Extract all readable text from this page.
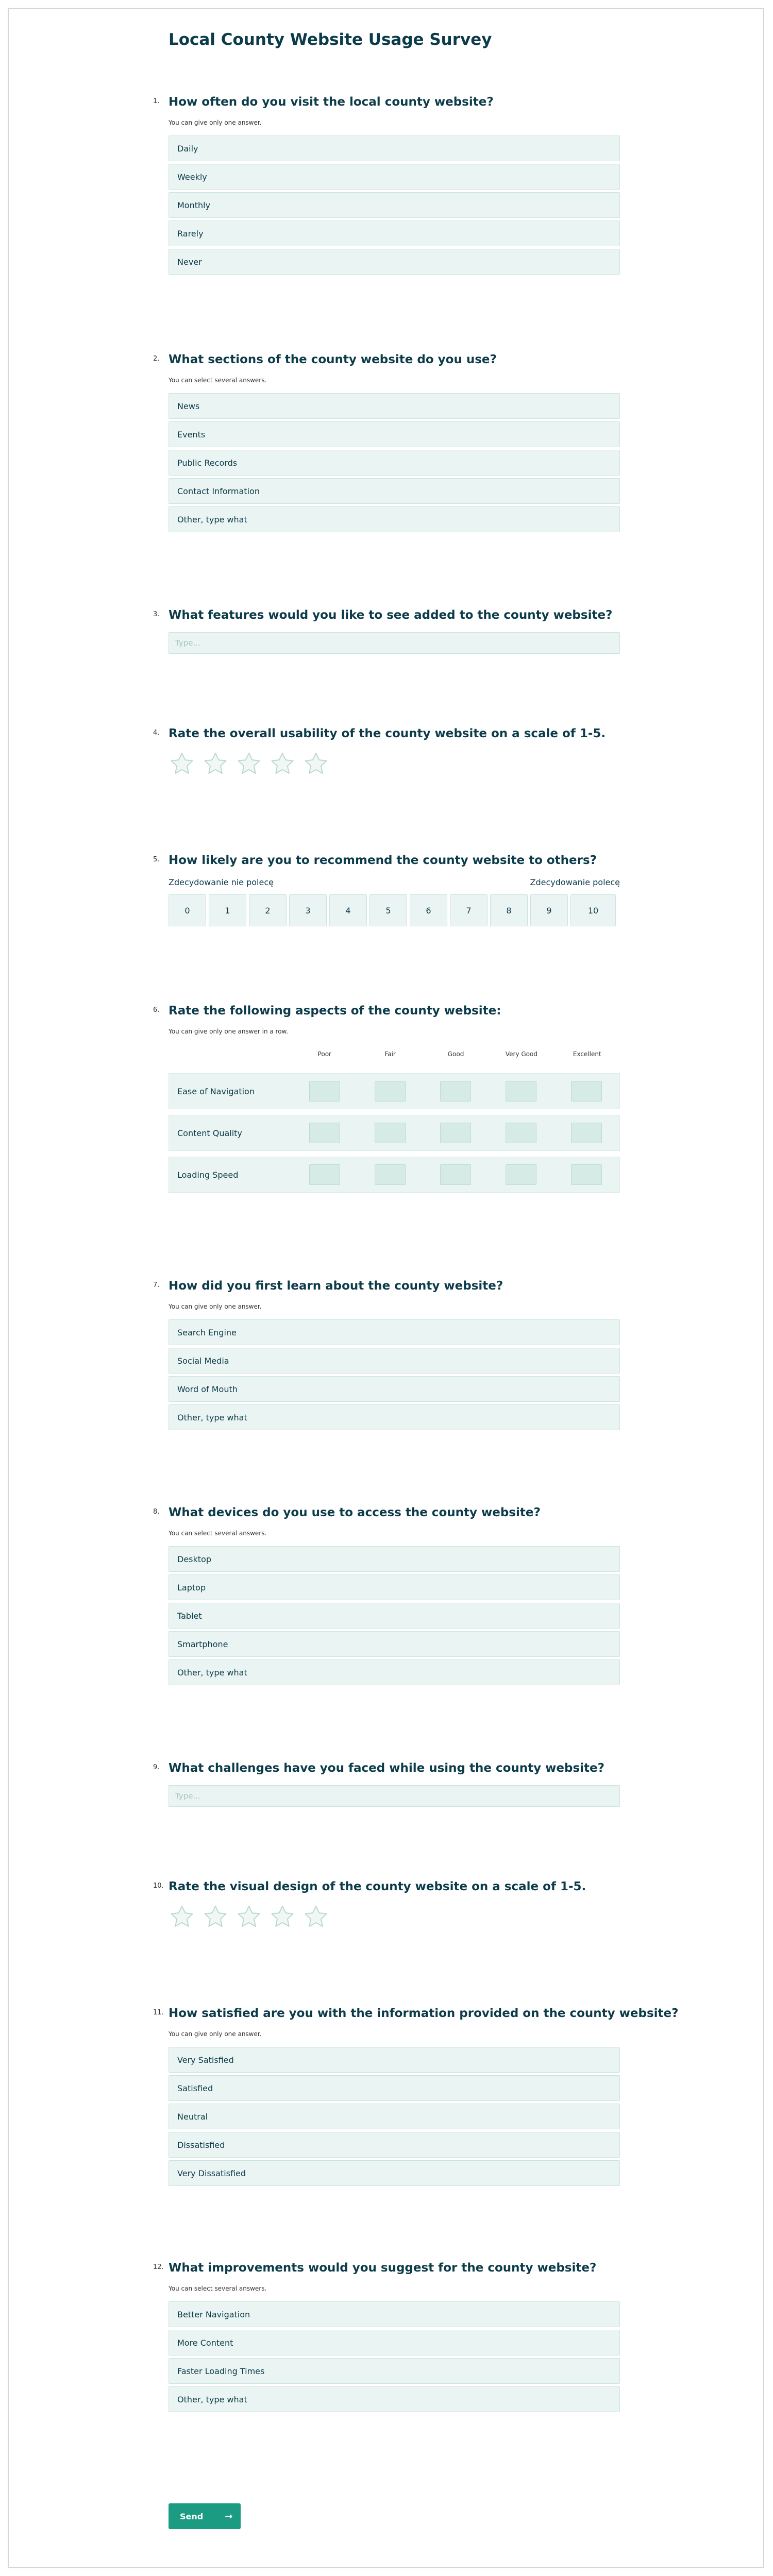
Local County Website Usage Survey
1. How often do you visit the local county website?
You can give only one answer.
Daily
Weekly
Monthly
Rarely
Never
2. What sections of the county website do you use?
You can select several answers.
News
Events
Public Records
Contact Information
Other, type what
3. What features would you like to see added to the county website?
Type...
4. Rate the overall usability of the county website on a scale of 1-5.
5. How likely are you to recommend the county website to others?
Zdecydowanie nie polecę	Zdecydowanie polecę
0	1	2	3	4	5	6	7	8	9	10
6. Rate the following aspects of the county website:
You can give only one answer in a row.
Poor	Fair	Good	Very Good	Excellent
Ease of Navigation
Content Quality
Loading Speed
7. How did you first learn about the county website?
You can give only one answer.
Search Engine
Social Media
Word of Mouth
Other, type what
8. What devices do you use to access the county website?
You can select several answers.
Desktop
Laptop
Tablet
Smartphone
Other, type what
9. What challenges have you faced while using the county website?
Type...
10. Rate the visual design of the county website on a scale of 1-5.
11. How satisfied are you with the information provided on the county website?
You can give only one answer.
Very Satisfied
Satisfied
Neutral
Dissatisfied
Very Dissatisfied
12. What improvements would you suggest for the county website?
You can select several answers.
Better Navigation
More Content
Faster Loading Times
Other, type what
Send →
